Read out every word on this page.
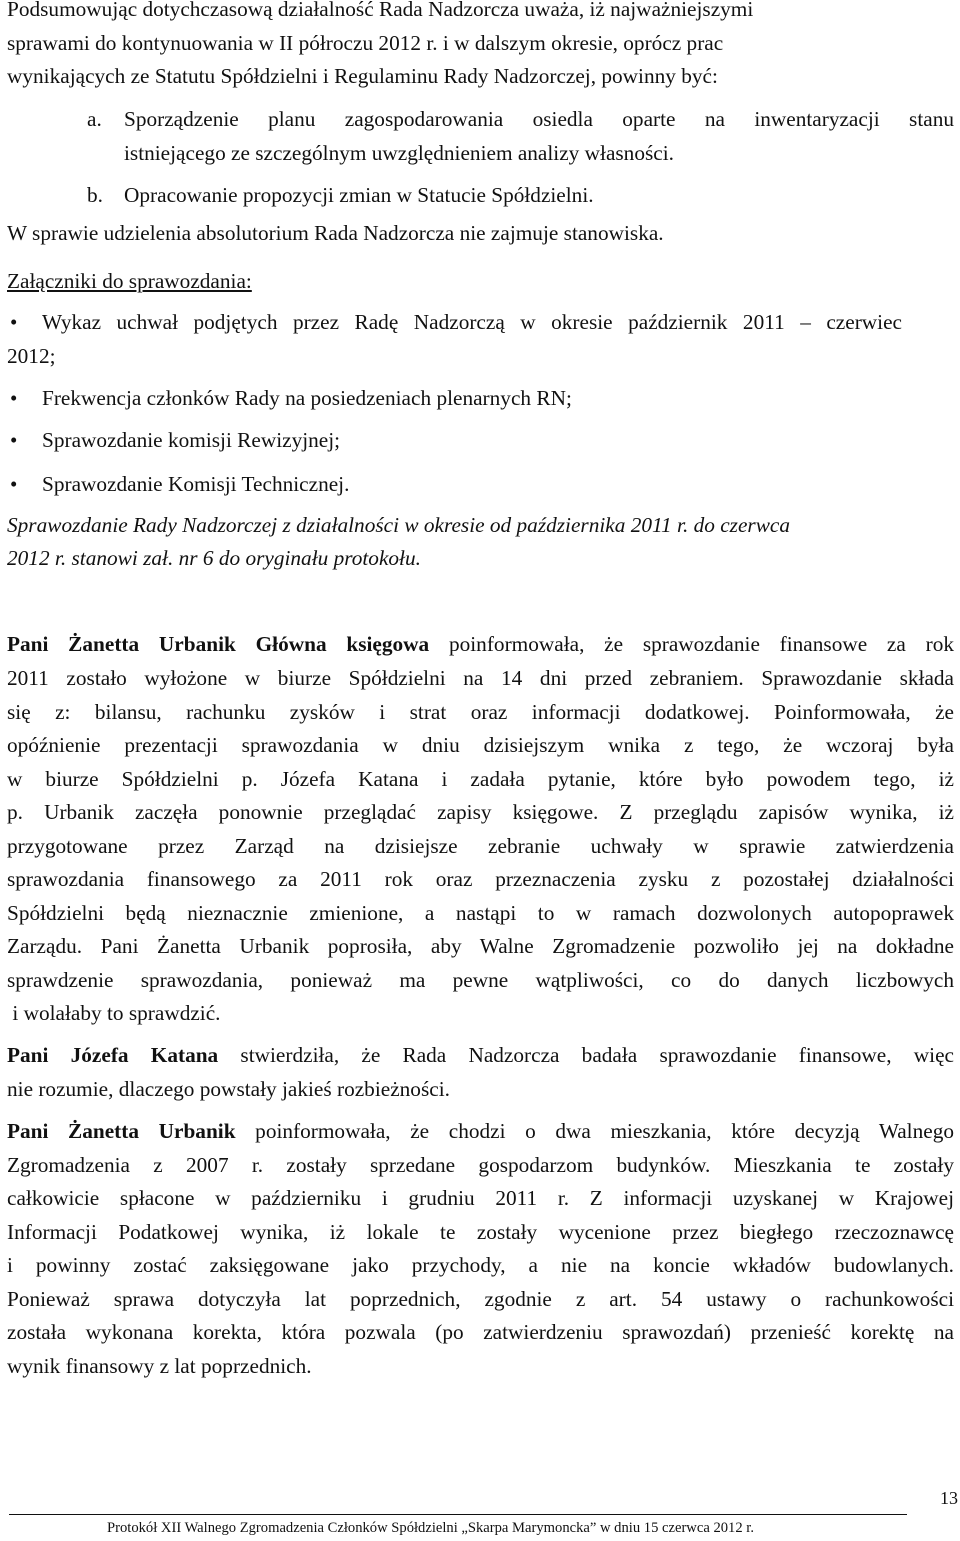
Podsumowując dotychczasową działalność Rada Nadzorcza uważa, iż najważniejszymi
sprawami do kontynuowania w II półroczu 2012 r. i w dalszym okresie, oprócz prac
wynikających ze Statutu Spółdzielni i Regulaminu Rady Nadzorczej, powinny być:
a. Sporządzenie planu zagospodarowania osiedla oparte na inwentaryzacji stanu
istniejącego ze szczególnym uwzględnieniem analizy własności.
b. Opracowanie propozycji zmian w Statucie Spółdzielni.
W sprawie udzielenia absolutorium Rada Nadzorcza nie zajmuje stanowiska.
Załączniki do sprawozdania:
• Wykaz uchwał podjętych przez Radę Nadzorczą w okresie październik 2011 – czerwiec
2012;
• Frekwencja członków Rady na posiedzeniach plenarnych RN;
• Sprawozdanie komisji Rewizyjnej;
• Sprawozdanie Komisji Technicznej.
Sprawozdanie Rady Nadzorczej z działalności w okresie od października 2011 r. do czerwca
2012 r. stanowi zał. nr 6 do oryginału protokołu.
Pani Żanetta Urbanik Główna księgowa poinformowała, że sprawozdanie finansowe za rok
2011 zostało wyłożone w biurze Spółdzielni na 14 dni przed zebraniem. Sprawozdanie składa
się z: bilansu, rachunku zysków i strat oraz informacji dodatkowej. Poinformowała, że
opóźnienie prezentacji sprawozdania w dniu dzisiejszym wnika z tego, że wczoraj była
w biurze Spółdzielni p. Józefa Katana i zadała pytanie, które było powodem tego, iż
p. Urbanik zaczęła ponownie przeglądać zapisy księgowe. Z przeglądu zapisów wynika, iż
przygotowane przez Zarząd na dzisiejsze zebranie uchwały w sprawie zatwierdzenia
sprawozdania finansowego za 2011 rok oraz przeznaczenia zysku z pozostałej działalności
Spółdzielni będą nieznacznie zmienione, a nastąpi to w ramach dozwolonych autopoprawek
Zarządu. Pani Żanetta Urbanik poprosiła, aby Walne Zgromadzenie pozwoliło jej na dokładne
sprawdzenie sprawozdania, ponieważ ma pewne wątpliwości, co do danych liczbowych
i wolałaby to sprawdzić.
Pani Józefa Katana stwierdziła, że Rada Nadzorcza badała sprawozdanie finansowe, więc
nie rozumie, dlaczego powstały jakieś rozbieżności.
Pani Żanetta Urbanik poinformowała, że chodzi o dwa mieszkania, które decyzją Walnego
Zgromadzenia z 2007 r. zostały sprzedane gospodarzom budynków. Mieszkania te zostały
całkowicie spłacone w październiku i grudniu 2011 r. Z informacji uzyskanej w Krajowej
Informacji Podatkowej wynika, iż lokale te zostały wycenione przez biegłego rzeczoznawcę
i powinny zostać zaksięgowane jako przychody, a nie na koncie wkładów budowlanych.
Ponieważ sprawa dotyczyła lat poprzednich, zgodnie z art. 54 ustawy o rachunkowości
została wykonana korekta, która pozwala (po zatwierdzeniu sprawozdań) przenieść korektę na
wynik finansowy z lat poprzednich.
13
Protokół XII Walnego Zgromadzenia Członków Spółdzielni „Skarpa Marymoncka” w dniu 15 czerwca 2012 r.
